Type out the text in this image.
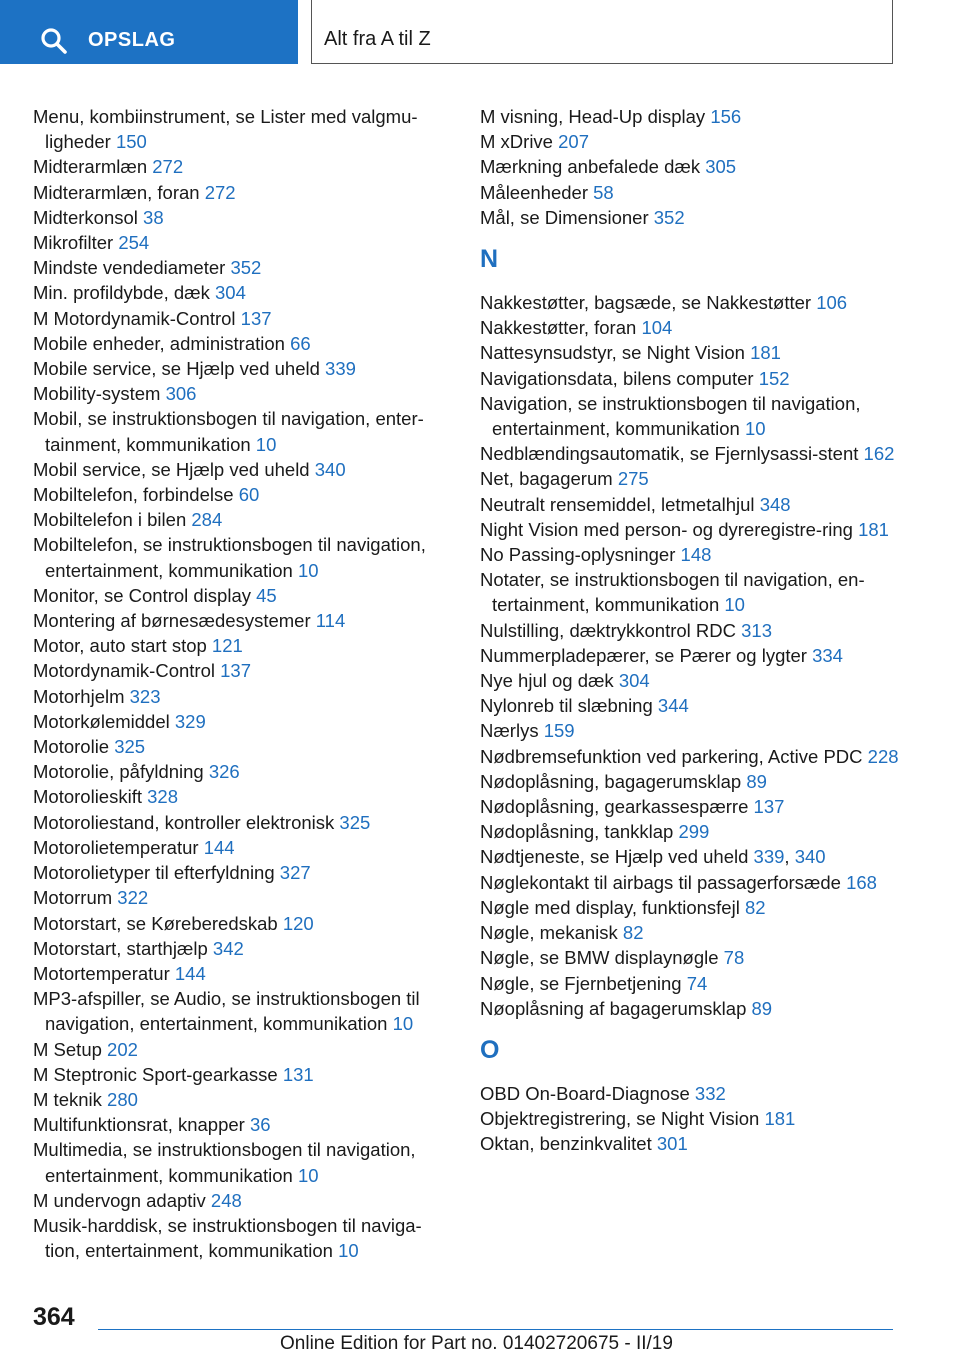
OPSLAG	Alt fra A til Z
Menu, kombiinstrument, se Lister med valgmu-ligheder 150
Midterarmlæn 272
Midterarmlæn, foran 272
Midterkonsol 38
Mikrofilter 254
Mindste vendediameter 352
Min. profildybde, dæk 304
M Motordynamik-Control 137
Mobile enheder, administration 66
Mobile service, se Hjælp ved uheld 339
Mobility-system 306
Mobil, se instruktionsbogen til navigation, enter-tainment, kommunikation 10
Mobil service, se Hjælp ved uheld 340
Mobiltelefon, forbindelse 60
Mobiltelefon i bilen 284
Mobiltelefon, se instruktionsbogen til navigation, entertainment, kommunikation 10
Monitor, se Control display 45
Montering af børnesædesystemer 114
Motor, auto start stop 121
Motordynamik-Control 137
Motorhjelm 323
Motorkølemiddel 329
Motorolie 325
Motorolie, påfyldning 326
Motorolieskift 328
Motoroliestand, kontroller elektronisk 325
Motorolietemperatur 144
Motorolietyper til efterfyldning 327
Motorrum 322
Motorstart, se Køreberedskab 120
Motorstart, starthjælp 342
Motortemperatur 144
MP3-afspiller, se Audio, se instruktionsbogen til navigation, entertainment, kommunikation 10
M Setup 202
M Steptronic Sport-gearkasse 131
M teknik 280
Multifunktionsrat, knapper 36
Multimedia, se instruktionsbogen til navigation, entertainment, kommunikation 10
M undervogn adaptiv 248
Musik-harddisk, se instruktionsbogen til naviga-tion, entertainment, kommunikation 10
M visning, Head-Up display 156
M xDrive 207
Mærkning anbefalede dæk 305
Måleenheder 58
Mål, se Dimensioner 352
N
Nakkestøtter, bagsæde, se Nakkestøtter 106
Nakkestøtter, foran 104
Nattesynsudstyr, se Night Vision 181
Navigationsdata, bilens computer 152
Navigation, se instruktionsbogen til navigation, entertainment, kommunikation 10
Nedblændingsautomatik, se Fjernlysassi-stent 162
Net, bagagerum 275
Neutralt rensemiddel, letmetalhjul 348
Night Vision med person- og dyreregistre-ring 181
No Passing-oplysninger 148
Notater, se instruktionsbogen til navigation, en-tertainment, kommunikation 10
Nulstilling, dæktrykkontrol RDC 313
Nummerpladepærer, se Pærer og lygter 334
Nye hjul og dæk 304
Nylonreb til slæbning 344
Nærlys 159
Nødbremsefunktion ved parkering, Active PDC 228
Nødoplåsning, bagagerumsklap 89
Nødoplåsning, gearkassespærre 137
Nødoplåsning, tankklap 299
Nødtjeneste, se Hjælp ved uheld 339, 340
Nøglekontakt til airbags til passagerforsæde 168
Nøgle med display, funktionsfejl 82
Nøgle, mekanisk 82
Nøgle, se BMW displaynøgle 78
Nøgle, se Fjernbetjening 74
Nøoplåsning af bagagerumsklap 89
O
OBD On-Board-Diagnose 332
Objektregistrering, se Night Vision 181
Oktan, benzinkvalitet 301
364
Online Edition for Part no. 01402720675 - II/19
